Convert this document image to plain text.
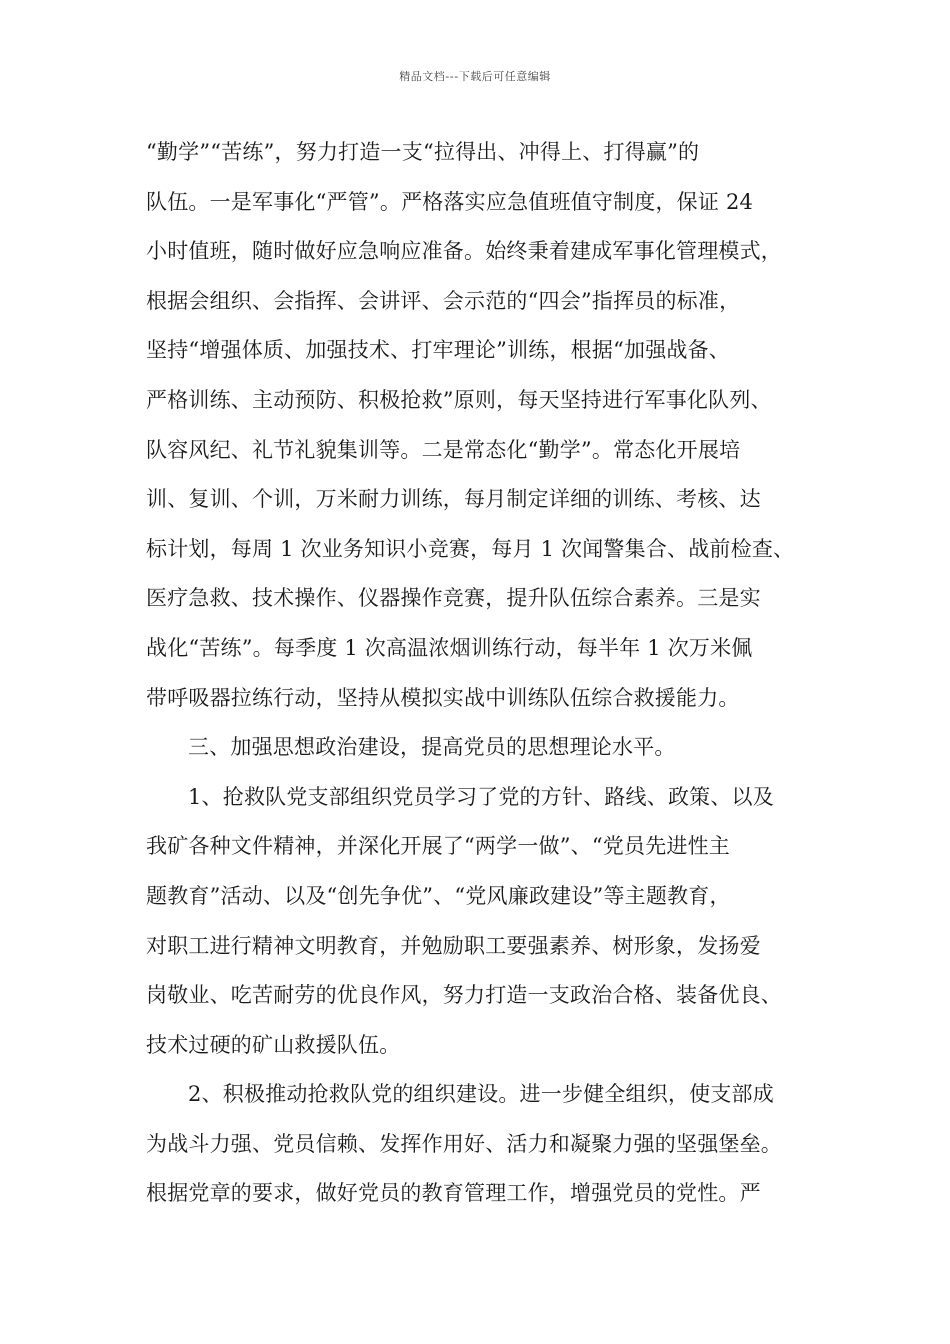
精品文档---下载后可任意编辑
“勤学”“苦练”，努力打造一支“拉得出、冲得上、打得赢”的
队伍。一是军事化“严管”。严格落实应急值班值守制度，保证 24
小时值班，随时做好应急响应准备。始终秉着建成军事化管理模式，
根据会组织、会指挥、会讲评、会示范的“四会”指挥员的标准，
坚持“增强体质、加强技术、打牢理论”训练，根据“加强战备、
严格训练、主动预防、积极抢救”原则，每天坚持进行军事化队列、
队容风纪、礼节礼貌集训等。二是常态化“勤学”。常态化开展培
训、复训、个训，万米耐力训练，每月制定详细的训练、考核、达
标计划，每周 1 次业务知识小竞赛，每月 1 次闻警集合、战前检查、
医疗急救、技术操作、仪器操作竞赛，提升队伍综合素养。三是实
战化“苦练”。每季度 1 次高温浓烟训练行动，每半年 1 次万米佩
带呼吸器拉练行动，坚持从模拟实战中训练队伍综合救援能力。
三、加强思想政治建设，提高党员的思想理论水平。
1、抢救队党支部组织党员学习了党的方针、路线、政策、以及
我矿各种文件精神，并深化开展了“两学一做”、“党员先进性主
题教育”活动、以及“创先争优”、“党风廉政建设”等主题教育，
对职工进行精神文明教育，并勉励职工要强素养、树形象，发扬爱
岗敬业、吃苦耐劳的优良作风，努力打造一支政治合格、装备优良、
技术过硬的矿山救援队伍。
2、积极推动抢救队党的组织建设。进一步健全组织，使支部成
为战斗力强、党员信赖、发挥作用好、活力和凝聚力强的坚强堡垒。
根据党章的要求，做好党员的教育管理工作，增强党员的党性。严
